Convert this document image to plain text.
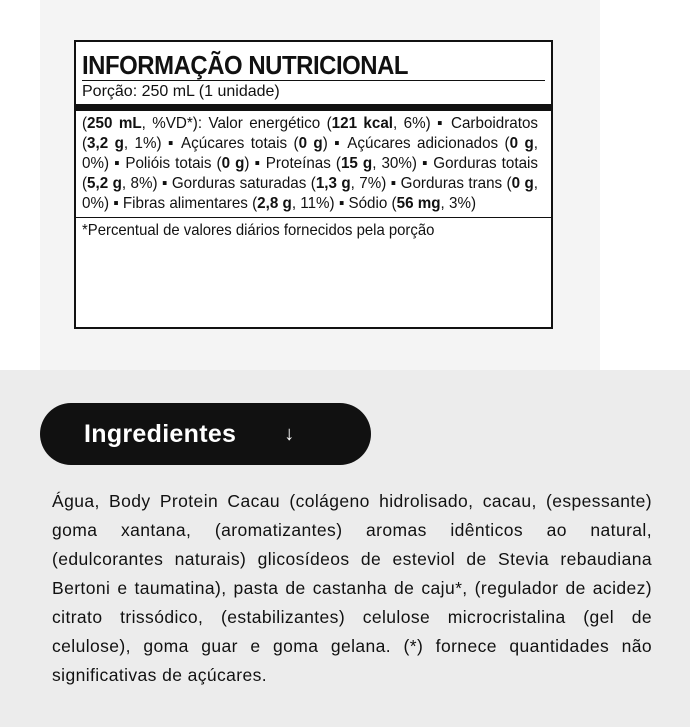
INFORMAÇÃO NUTRICIONAL
Porção: 250 mL (1 unidade)
(250 mL, %VD*): Valor energético (121 kcal, 6%) ▪ Carboidratos (3,2 g, 1%) ▪ Açúcares totais (0 g) ▪ Açúcares adicionados (0 g, 0%) ▪ Polióis totais (0 g) ▪ Proteínas (15 g, 30%) ▪ Gorduras totais (5,2 g, 8%) ▪ Gorduras saturadas (1,3 g, 7%) ▪ Gorduras trans (0 g, 0%) ▪ Fibras alimentares (2,8 g, 11%) ▪ Sódio (56 mg, 3%)
*Percentual de valores diários fornecidos pela porção
Ingredientes ↓
Água, Body Protein Cacau (colágeno hidrolisado, cacau, (espessante) goma xantana, (aromatizantes) aromas idênticos ao natural, (edulcorantes naturais) glicosídeos de esteviol de Stevia rebaudiana Bertoni e taumatina), pasta de castanha de caju*, (regulador de acidez) citrato trissódico, (estabilizantes) celulose microcristalina (gel de celulose), goma guar e goma gelana. (*) fornece quantidades não significativas de açúcares.
